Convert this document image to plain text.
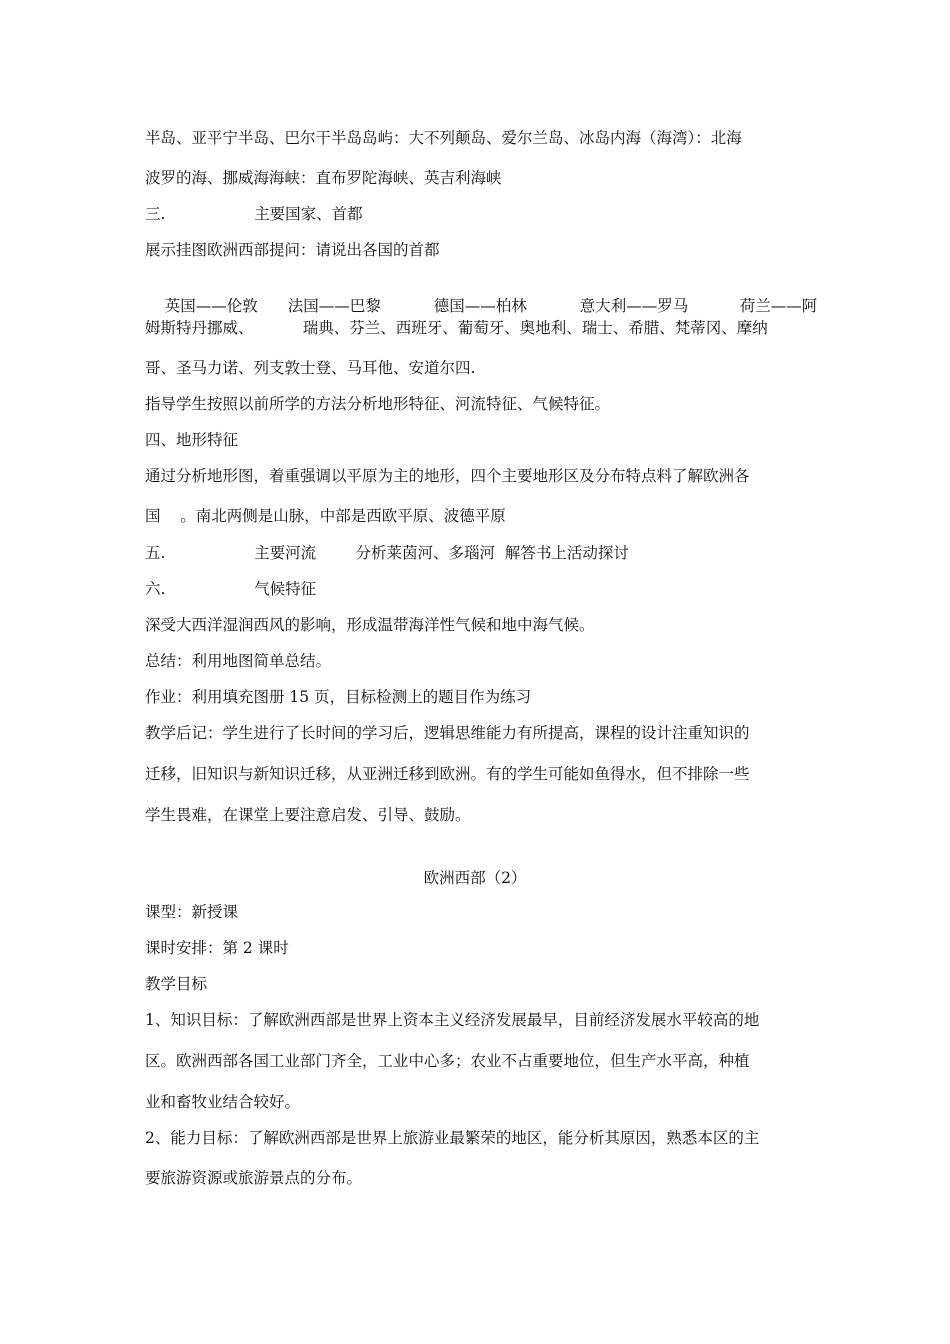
半岛、亚平宁半岛、巴尔干半岛岛屿：大不列颠岛、爱尔兰岛、冰岛内海（海湾）：北海
波罗的海、挪威海海峡：直布罗陀海峡、英吉利海峡
三.                  主要国家、首都
展示挂图欧洲西部提问：请说出各国的首都

英国——伦敦 法国——巴黎	德国——柏林	意大利——罗马	荷兰——阿

姆斯特丹挪威、          瑞典、芬兰、西班牙、葡萄牙、奥地利、瑞士、希腊、梵蒂冈、摩纳
哥、圣马力诺、列支敦士登、马耳他、安道尔四.
指导学生按照以前所学的方法分析地形特征、河流特征、气候特征。
四、地形特征
通过分析地形图，着重强调以平原为主的地形，四个主要地形区及分布特点料了解欧洲各
国    。南北两侧是山脉，中部是西欧平原、波德平原
五.                  主要河流        分析莱茵河、多瑙河  解答书上活动探讨
六.                  气候特征
深受大西洋湿润西风的影响，形成温带海洋性气候和地中海气候。
总结：利用地图简单总结。
作业：利用填充图册 15 页，目标检测上的题目作为练习
教学后记：学生进行了长时间的学习后，逻辑思维能力有所提高，课程的设计注重知识的
迁移，旧知识与新知识迁移，从亚洲迁移到欧洲。有的学生可能如鱼得水，但不排除一些
学生畏难，在课堂上要注意启发、引导、鼓励。
欧洲西部（2）
课型：新授课
课时安排：第 2 课时
教学目标
1、知识目标：了解欧洲西部是世界上资本主义经济发展最早，目前经济发展水平较高的地
区。欧洲西部各国工业部门齐全，工业中心多；农业不占重要地位，但生产水平高，种植
业和畜牧业结合较好。
2、能力目标：了解欧洲西部是世界上旅游业最繁荣的地区，能分析其原因，熟悉本区的主
要旅游资源或旅游景点的分布。
